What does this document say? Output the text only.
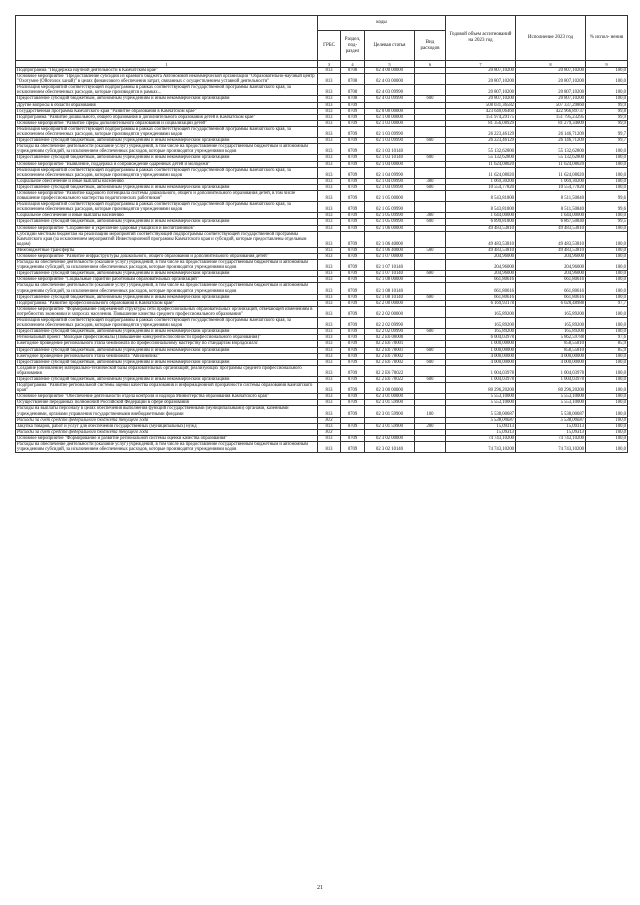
	коды				Годовой объем ассигнований на 2023 год	Исполнение 2023 год	% испол- нения
	ГРБС	Раздел, под- раздел	Целевая статья	Вид расходов			
1	3	4	5	6	7	8	9
Подпрограмма "Поддержка научной деятельности в Камчатском крае"	813	0708	02 4 00 00000		20 807,10200	20 807,10200	100,0
Основное мероприятие "Предоставление субсидии из краевого бюджета Автономной некоммерческой организации "Образовательно-научный центр "Охотумне (Ойотолох ханай)" в целях финансового обеспечения затрат, связанных с осуществлением уставной деятельности"	813	0708	02 4 03 00000		20 807,10200	20 807,10200	100,0
Реализация мероприятий соответствующей подпрограммы в рамках соответствующей государственной программы Камчатского края, за исключением обеспеченных расходов, которые производятся в рамках...	813	0708	02 4 03 09990		20 807,10200	20 807,10200	100,0
Предоставление субсидий бюджетным, автономным учреждениям и иным некоммерческим организациям	813	0708	02 4 03 09990	600	20 807,10200	20 807,10200	100,0
Другие вопросы в области образования	813	0709			508 031,36582	507 337,29860	99,9
Государственная программа Камчатского края "Развитие образования в Камчатском крае"	813	0709	02 0 00 00000		423 640,06460	422 966,89737	99,8
Подпрограмма "Развитие дошкольного, общего образования и дополнительного образования детей в Камчатском крае"	813	0709	02 1 00 00000		151 974,29175	151 795,23295	99,9
Основное мероприятие "Развитие сферы дополнительного образования и социализации детей"	813	0709	02 1 03 00000		81 356,08929	81 279,34009	99,9
Реализация мероприятий соответствующей подпрограммы в рамках соответствующей государственной программы Камчатского края, за исключением обеспеченных расходов, которые производятся учреждениями кодов	813	0709	02 1 03 09990		26 223,46129	26 146,71209	99,7
Предоставление субсидий бюджетным, автономным учреждениям и иным некоммерческим организациям	813	0709	02 1 03 09990	600	26 223,46129	26 146,71209	99,7
Расходы на обеспечение деятельности (оказание услуг) учреждений, в том числе на предоставление государственным бюджетным и автономным учреждениям субсидий, за исключением обеспеченных расходов, которые производятся учреждениями кодов	813	0709	02 1 03 10140		55 132,62800	55 132,62800	100,0
Предоставление субсидий бюджетным, автономным учреждениям и иным некоммерческим организациям	813	0709	02 1 03 10140	600	55 132,62800	55 132,62800	100,0
Основное мероприятие "Выявление, поддержка и сопровождение одаренных детей и молодежи"	813	0709	02 1 04 00000		11 624,08020	11 624,08020	100,0
Реализация мероприятий соответствующей подпрограммы в рамках соответствующей государственной программы Камчатского края, за исключением обеспеченных расходов, которые производятся учреждениями кодов	813	0709	02 1 04 09990		11 624,08020	11 624,08020	100,0
Социальное обеспечение и иные выплаты населению	813	0709	02 1 04 09990	300	1 069,30200	1 069,30200	100,0
Предоставление субсидий бюджетным, автономным учреждениям и иным некоммерческим организациям	813	0709	02 1 04 09990	600	10 554,77820	10 554,77820	100,0
Основное мероприятие "Развитие кадрового потенциала системы дошкольного, общего и дополнительного образования детей, в том числе повышение профессионального мастерства педагогических работников"	813	0709	02 1 05 00000		8 543,81800	8 511,50840	99,6
Реализация мероприятий соответствующей подпрограммы в рамках соответствующей государственной программы Камчатского края, за исключением обеспеченных расходов, которые производятся учреждениями кодов	813	0709	02 1 05 09990		8 543,81800	8 511,50840	99,6
Социальное обеспечение и иные выплаты населению	813	0709	02 1 05 09990	300	1 644,00000	1 644,00000	100,0
Предоставление субсидий бюджетным, автономным учреждениям и иным некоммерческим организациям	813	0709	02 1 05 09990	600	6 899,81800	6 867,50840	99,5
Основное мероприятие "Сохранение и укрепление здоровья учащихся и воспитанников"	813	0709	02 1 06 00000		49 483,53810	49 483,53810	100,0
Субсидии местным бюджетам на реализацию мероприятий соответствующей подпрограммы соответствующей государственной программы Камчатского края (за исключением мероприятий Инвестиционной программы Камчатского края и субсидий, которые предоставлены отдельным кодом)	813	0709	02 1 06 40000		49 483,53810	49 483,53810	100,0
Межбюджетные трансферты	813	0709	02 1 06 40000	500	49 483,53810	49 483,53810	100,0
Основное мероприятие "Развитие инфраструктуры дошкольного, общего образования и дополнительного образования детей"	813	0709	02 1 07 00000		204,96000	204,96000	100,0
Расходы на обеспечение деятельности (оказание услуг) учреждений, в том числе на предоставление государственным бюджетным и автономным учреждениям субсидий, за исключением обеспеченных расходов, которые производятся учреждениями кодов	813	0709	02 1 07 10140		204,96000	204,96000	100,0
Предоставление субсидий бюджетным, автономным учреждениям и иным некоммерческим организациям	813	0709	02 1 07 10140	600	204,96000	204,96000	100,0
Основное мероприятие "Социальные гарантии работникам образовательных организаций"	813	0709	02 1 08 00000		661,80616	661,80616	100,0
Расходы на обеспечение деятельности (оказание услуг) учреждений, в том числе на предоставление государственным бюджетным и автономным учреждениям субсидий, за исключением обеспеченных расходов, которые производятся учреждениями кодов	813	0709	02 1 08 10140		661,80616	661,80616	100,0
Предоставление субсидий бюджетным, автономным учреждениям и иным некоммерческим организациям	813	0709	02 1 08 10140	600	661,80616	661,80616	100,0
Подпрограмма "Развитие профессионального образования в Камчатском крае"	813	0709	02 2 00 00000		6 169,93178	6 028,48988	97,7
Основное мероприятие "Формирование современной структуры сети профессиональных образовательных организаций, отвечающей изменениям в потребностях экономики и запросах населения. Повышение качества среднего профессионального образования"	813	0709	02 2 02 00000		165,89200	165,89200	100,0
Реализация мероприятий соответствующей подпрограммы в рамках соответствующей государственной программы Камчатского края, за исключением обеспеченных расходов, которые производятся учреждениями кодов	813	0709	02 2 02 09990		165,89200	165,89200	100,0
Предоставление субсидий бюджетным, автономным учреждениям и иным некоммерческим организациям	813	0709	02 2 02 09990	600	165,89200	165,89200	100,0
Региональный проект "Молодые профессионалы (Повышение конкурентоспособности профессионального образования)"	813	0709	02 2 E6 00000		6 004,03978	5 862,59788	97,6
Ежегодное проведение регионального этапа чемпионата по профессиональному мастерству по стандартам Ворлдскиллс	813	0709	02 2 E6 70001		1 000,00000	858,55810	85,9
Предоставление субсидий бюджетным, автономным учреждениям и иным некоммерческим организациям	813	0709	02 2 E6 70001	600	1 000,00000	858,55810	85,9
Ежегодное проведение регионального этапа чемпионата "Абилимпикс"	813	0709	02 2 E6 70002		4 000,00000	4 000,00000	100,0
Предоставление субсидий бюджетным, автономным учреждениям и иным некоммерческим организациям	813	0709	02 2 E6 70002	600	4 000,00000	4 000,00000	100,0
Создание (обновление) материально-технической базы образовательных организаций, реализующих программы среднего профессионального образования	813	0709	02 2 E6 70022		1 004,03978	1 004,03978	100,0
Предоставление субсидий бюджетным, автономным учреждениям и иным некоммерческим организациям	813	0709	02 2 E6 70022	600	1 004,03978	1 004,03978	100,0
Подпрограмма "Развитие региональной системы оценки качества образования и информационной прозрачности системы образования Камчатского края"	813	0709	02 3 00 00000		80 296,20200	80 296,20200	100,0
Основное мероприятие "Обеспечение деятельности отдела контроля и надзора Министерства образования Камчатского края"	813	0709	02 3 01 00000		5 553,10000	5 553,10000	100,0
Осуществление переданных полномочий Российской Федерации в сфере образования	813	0709	02 3 01 59900		5 553,10000	5 553,10000	100,0
Расходы на выплаты персоналу в целях обеспечения выполнения функций государственными (муниципальными) органами, казенными учреждениями, органами управления государственными внебюджетными фондами	813	0709	02 3 01 59900	100	5 538,00687	5 538,00687	100,0
Расходы за счет средств федерального бюджета текущего года	813				5 538,00687	5 538,00687	100,0
Закупка товаров, работ и услуг для обеспечения государственных (муниципальных) нужд	813	0709	02 3 01 59900	200	15,09313	15,09313	100,0
Расходы за счет средств федерального бюджета текущего года	813				15,09313	15,09313	100,0
Основное мероприятие "Формирование и развитие региональной системы оценки качества образования"	813	0709	02 3 02 00000		74 743,10200	74 743,10200	100,0
Расходы на обеспечение деятельности (оказание услуг) учреждений, в том числе на предоставление государственным бюджетным и автономным учреждениям субсидий, за исключением обеспеченных расходов, которые производятся учреждениями кодов	813	0709	02 3 02 10140		74 743,10200	74 743,10200	100,0
21
